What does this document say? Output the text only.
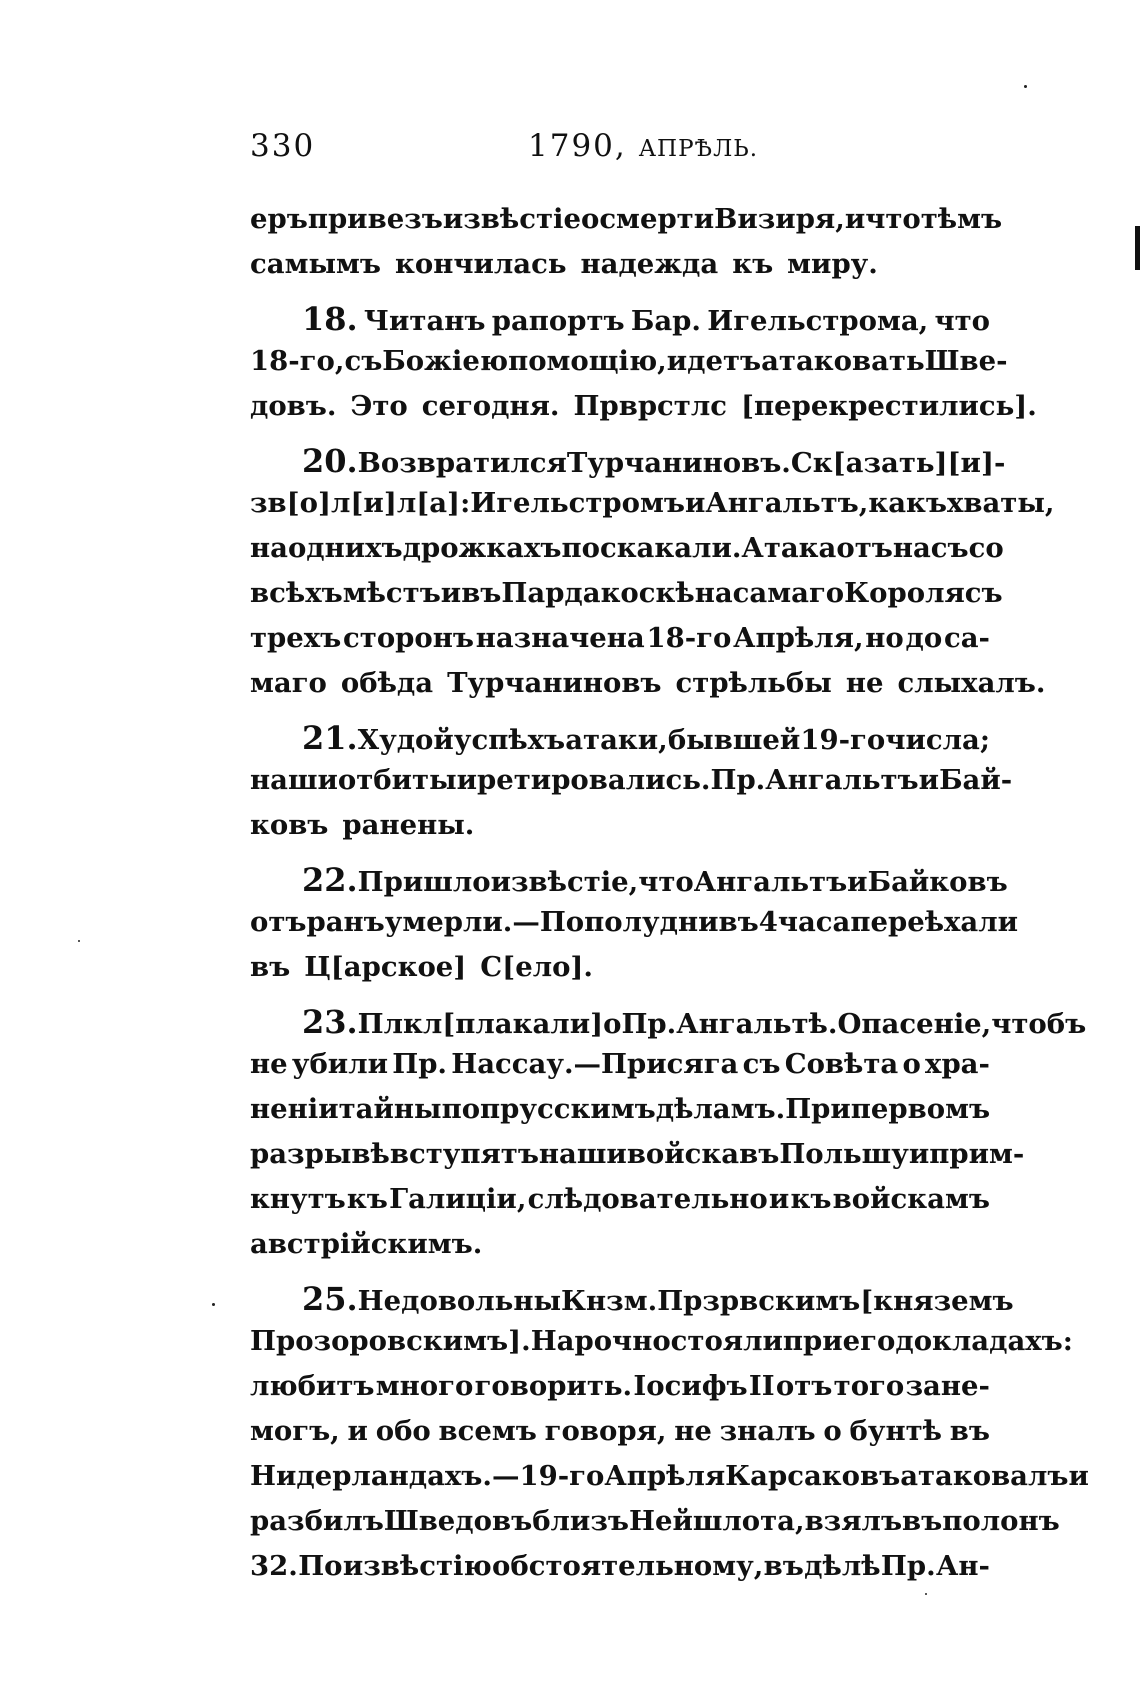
330	1790, АПРѢЛЬ.
еръ привезъ извѣстіе о смерти Визиря, и что тѣмъ
самымъ кончилась надежда къ миру.
18. Читанъ рапортъ Бар. Игельстрома, что
18-го, съ Божіею помощію, идетъ атаковать Шве-
довъ. Это сегодня. Прврстлс [перекрестились].
20. Возвратился Турчаниновъ. Ск[азать] [и]-
зв[о]л[и]л[а]: Игельстромъ и Ангальтъ, какъ хваты,
на однихъ дрожкахъ поскакали. Атака отъ насъ со
всѣхъ мѣстъ и въ Пардакоскѣ на самаго Короля съ
трехъ сторонъ назначена 18-го Апрѣля, но до са-
маго обѣда Турчаниновъ стрѣльбы не слыхалъ.
21. Худой успѣхъ атаки, бывшей 19-го числа;
наши отбиты и ретировались. Пр. Ангальтъ и Бай-
ковъ ранены.
22. Пришло извѣстіе, что Ангальтъ и Байковъ
отъ ранъ умерли.—По полудни въ 4 часа переѣхали
въ Ц[арское] С[ело].
23. Плкл[плакали] о Пр. Ангальтѣ. Опасеніе, чтобъ
не убили Пр. Нассау.—Присяга съ Совѣта о хра-
неніи тайны по прусскимъ дѣламъ. При первомъ
разрывѣ вступятъ наши войска въ Польшу и прим-
кнутъ къ Галиціи, слѣдовательно и къ войскамъ
австрійскимъ.
25. Недовольны Кнзм. Прзрвскимъ [княземъ
Прозоровскимъ]. Нарочно стояли при его докладахъ:
любитъ много говорить. Іосифъ II отъ того зане-
могъ, и обо всемъ говоря, не зналъ о бунтѣ въ
Нидерландахъ.—19-го Апрѣля Карсаковъ атаковалъ и
разбилъ Шведовъ близъ Нейшлота, взялъ въ полонъ
32. По извѣстію обстоятельному, въ дѣлѣ Пр. Ан-
